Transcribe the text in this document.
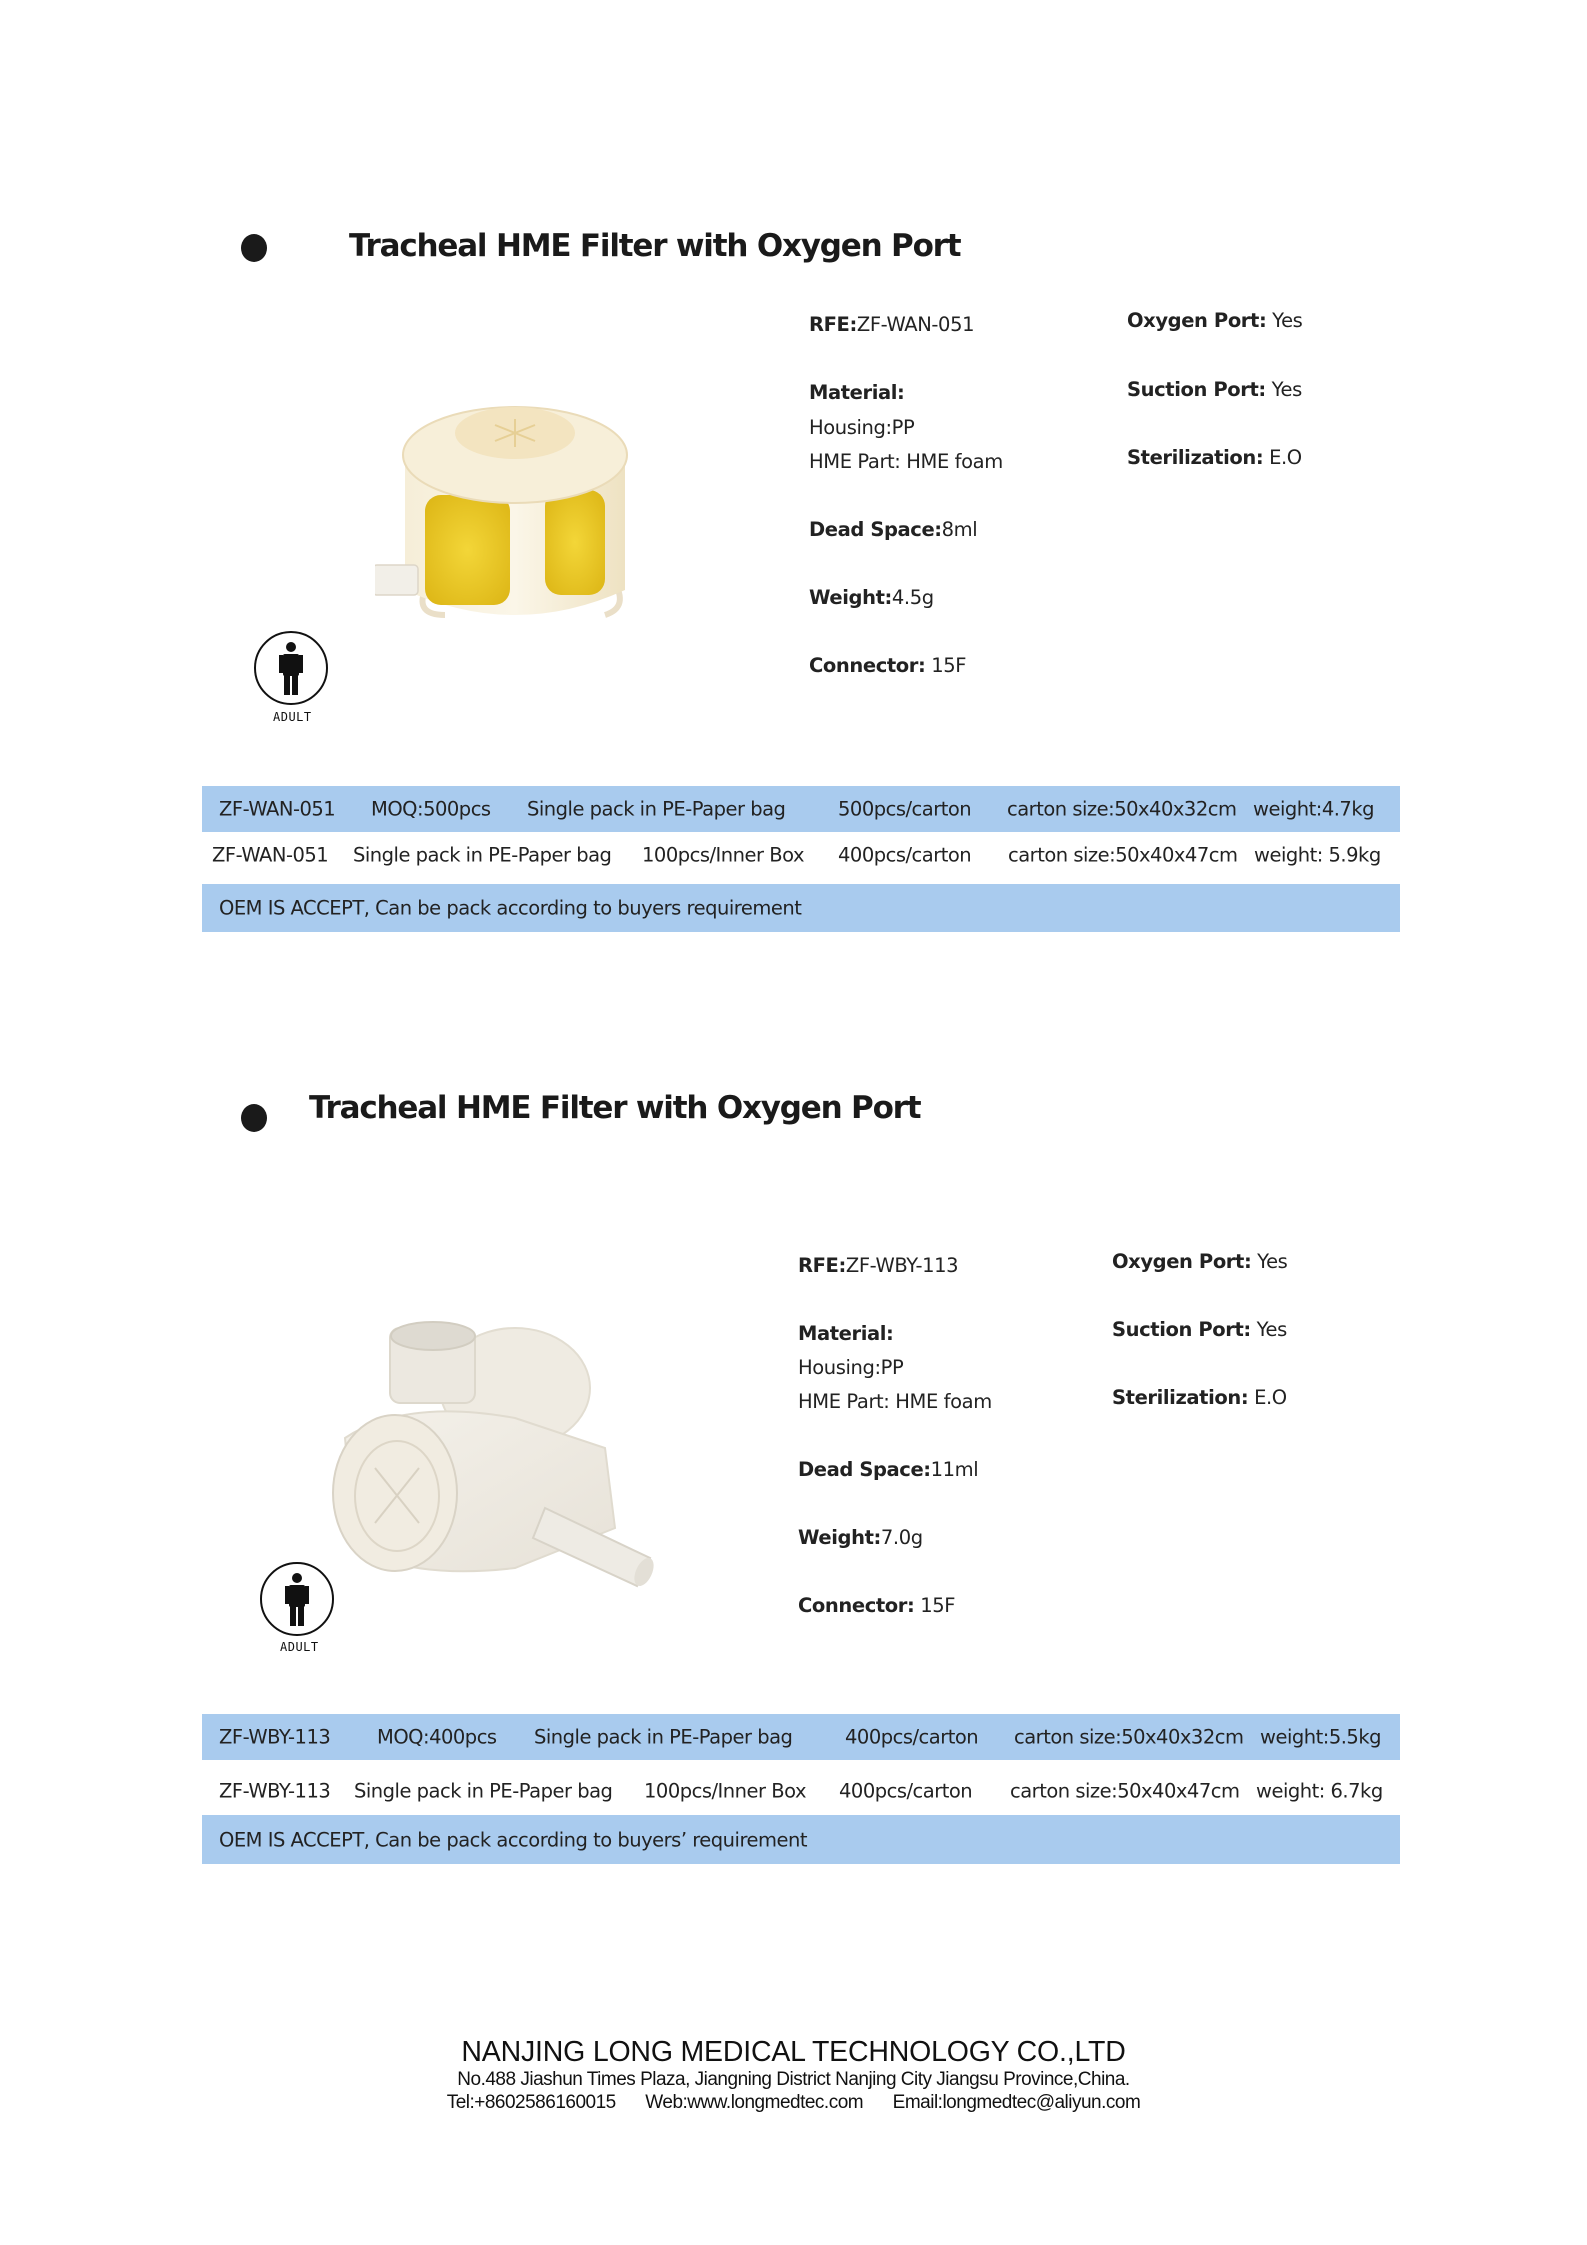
Tracheal HME Filter with Oxygen Port
ADULT
RFE:ZF-WAN-051
Material:
Housing:PP
HME Part: HME foam
Dead Space:8ml
Weight:4.5g
Connector: 15F
Oxygen Port: Yes
Suction Port: Yes
Sterilization: E.O
ZF-WAN-051 MOQ:500pcs Single pack in PE-Paper bag	500pcs/carton carton size:50x40x32cm weight:4.7kg
ZF-WAN-051 Single pack in PE-Paper bag 100pcs/Inner Box 400pcs/carton carton size:50x40x47cm weight: 5.9kg
OEM IS ACCEPT, Can be pack according to buyers requirement
Tracheal HME Filter with Oxygen Port
ADULT
RFE:ZF-WBY-113
Material:
Housing:PP
HME Part: HME foam
Dead Space:11ml
Weight:7.0g
Connector: 15F
Oxygen Port: Yes
Suction Port: Yes
Sterilization: E.O
ZF-WBY-113 MOQ:400pcs Single pack in PE-Paper bag	400pcs/carton carton size:50x40x32cm weight:5.5kg
ZF-WBY-113 Single pack in PE-Paper bag 100pcs/Inner Box 400pcs/carton carton size:50x40x47cm weight: 6.7kg
OEM IS ACCEPT, Can be pack according to buyers’ requirement
NANJING LONG MEDICAL TECHNOLOGY CO.,LTD
No.488 Jiashun Times Plaza, Jiangning District Nanjing City Jiangsu Province,China.
Tel:+8602586160015 Web:www.longmedtec.com Email:longmedtec@aliyun.com
